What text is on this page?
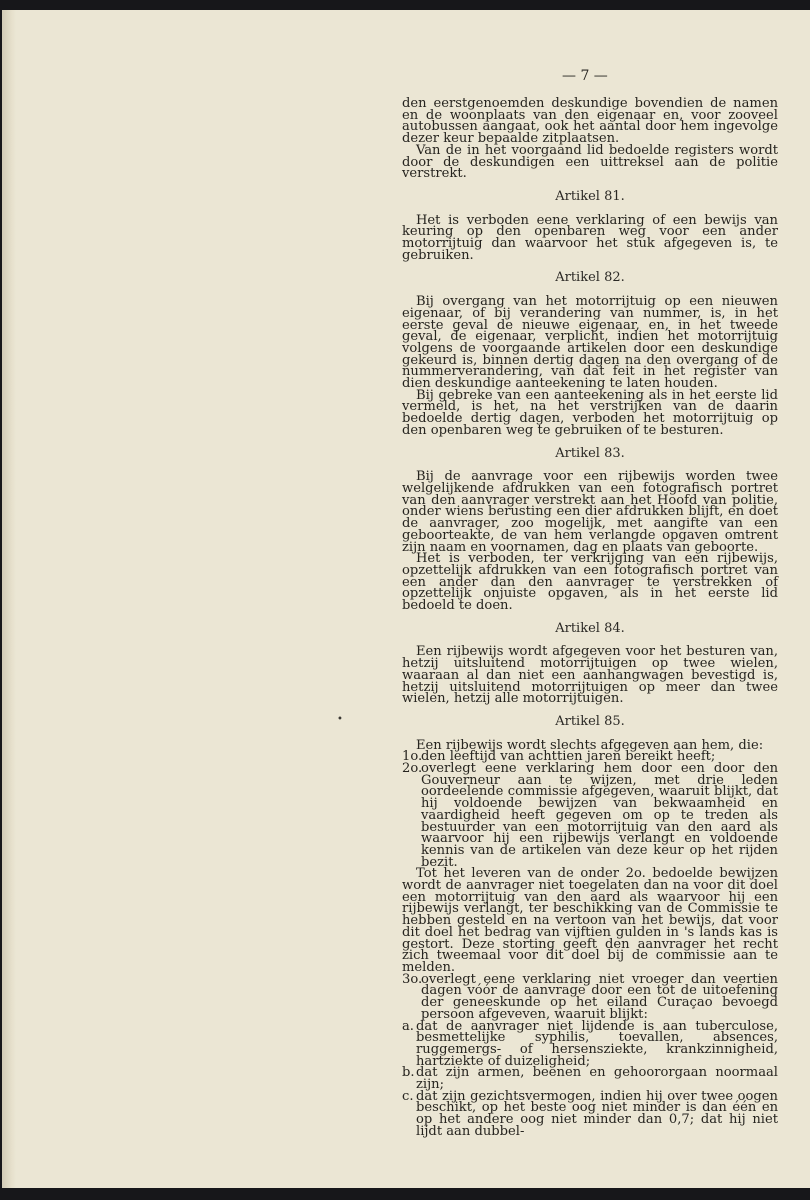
— 7 —
•

den eerstgenoemden deskundige bovendien de namen en de woonplaats van den eigenaar en, voor zooveel autobussen aangaat, ook het aantal door hem ingevolge dezer keur bepaalde zitplaatsen.

Van de in het voorgaand lid bedoelde registers wordt door de deskundigen een uittreksel aan de politie verstrekt.

Artikel 81.

Het is verboden eene verklaring of een bewijs van keuring op den openbaren weg voor een ander motorrijtuig dan waarvoor het stuk afgegeven is, te gebruiken.

Artikel 82.

Bij overgang van het motorrijtuig op een nieuwen eigenaar, of bij verandering van nummer, is, in het eerste geval de nieuwe eigenaar, en, in het tweede geval, de eigenaar, verplicht, indien het motorrijtuig volgens de voorgaande artikelen door een deskundige gekeurd is, binnen dertig dagen na den overgang of de nummerverandering, van dat feit in het register van dien deskundige aanteekening te laten houden.

Bij gebreke van een aanteekening als in het eerste lid vermeld, is het, na het verstrijken van de daarin bedoelde dertig dagen, verboden het motorrijtuig op den openbaren weg te gebruiken of te besturen.

Artikel 83.

Bij de aanvrage voor een rijbewijs worden twee welgelijkende afdrukken van een fotografisch portret van den aanvrager verstrekt aan het Hoofd van politie, onder wiens berusting een dier afdrukken blijft, en doet de aanvrager, zoo mogelijk, met aangifte van een geboorteakte, de van hem verlangde opgaven omtrent zijn naam en voornamen, dag en plaats van geboorte.

Het is verboden, ter verkrijging van een rijbewijs, opzettelijk afdrukken van een fotografisch portret van een ander dan den aanvrager te verstrekken of opzettelijk onjuiste opgaven, als in het eerste lid bedoeld te doen.

Artikel 84.

Een rijbewijs wordt afgegeven voor het besturen van, hetzij uitsluitend motorrijtuigen op twee wielen, waaraan al dan niet een aanhangwagen bevestigd is, hetzij uitsluitend motorrijtuigen op meer dan twee wielen, hetzij alle motorrijtuigen.

Artikel 85.

Een rijbewijs wordt slechts afgegeven aan hem, die:

1o.
den leeftijd van achttien jaren bereikt heeft;
2o.
overlegt eene verklaring hem door een door den Gouverneur aan te wijzen, met drie leden oordeelende commissie afgegeven, waaruit blijkt, dat hij voldoende bewijzen van bekwaamheid en vaardigheid heeft gegeven om op te treden als bestuurder van een motorrijtuig van den aard als waarvoor hij een rijbewijs verlangt en voldoende kennis van de artikelen van deze keur op het rijden bezit.

Tot het leveren van de onder 2o. bedoelde bewijzen wordt de aanvrager niet toegelaten dan na voor dit doel een motorrijtuig van den aard als waarvoor hij een rijbewijs verlangt, ter beschikking van de Commissie te hebben gesteld en na vertoon van het bewijs, dat voor dit doel het bedrag van vijftien gulden in 's lands kas is gestort. Deze storting geeft den aanvrager het recht zich tweemaal voor dit doel bij de commissie aan te melden.

3o.
overlegt eene verklaring niet vroeger dan veertien dagen vóór de aanvrage door een tot de uitoefening der geneeskunde op het eiland Curaçao bevoegd persoon afgeveven, waaruit blijkt:
a. dat de aanvrager niet lijdende is aan tuberculose, besmettelijke syphilis, toevallen, absences, ruggemergs- of hersensziekte, krankzinnigheid, hartziekte of duizeligheid;
b. dat zijn armen, beenen en gehoororgaan noormaal zijn;
c. dat zijn gezichtsvermogen, indien hij over twee oogen beschikt, op het beste oog niet minder is dan één en op het andere oog niet minder dan 0,7; dat hij niet lijdt aan dubbel-
